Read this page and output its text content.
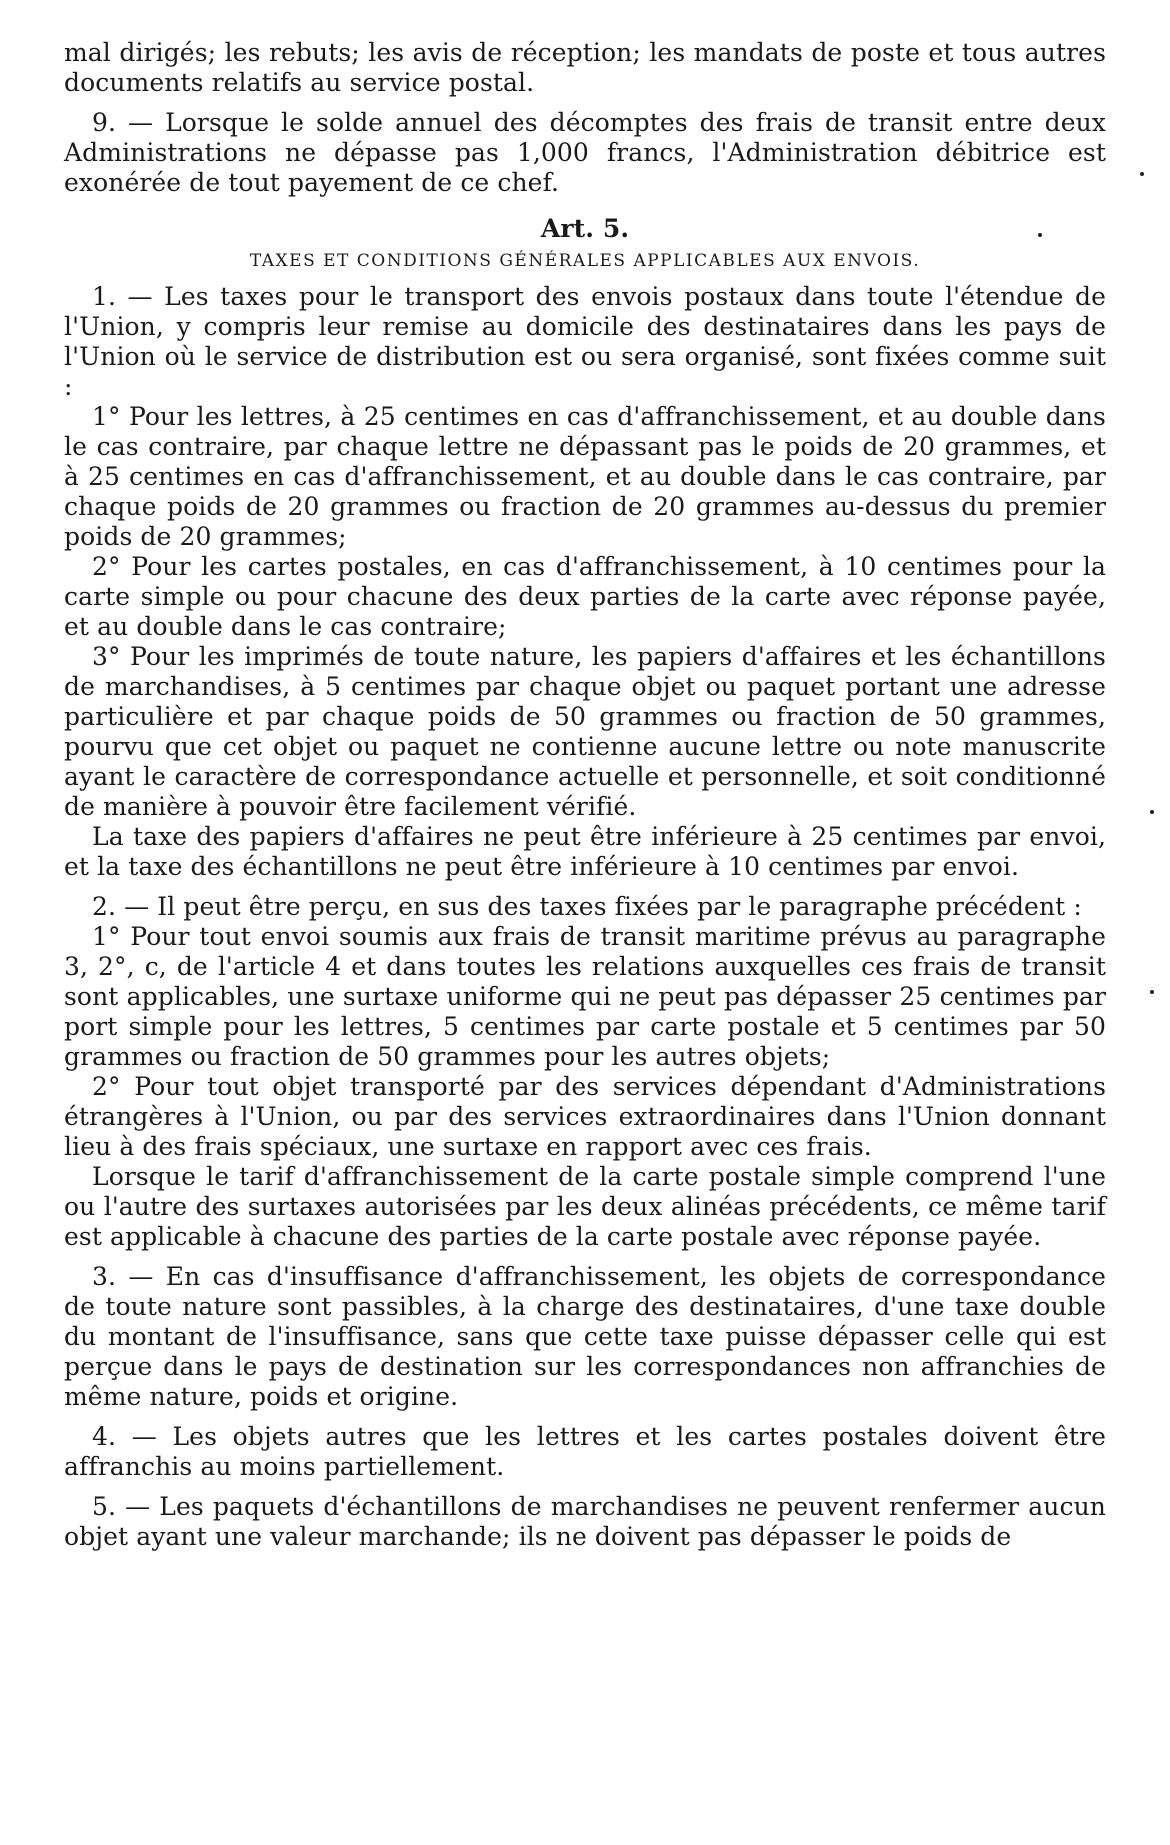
mal dirigés; les rebuts; les avis de réception; les mandats de poste et tous autres documents relatifs au service postal.

9. — Lorsque le solde annuel des décomptes des frais de transit entre deux Administrations ne dépasse pas 1,000 francs, l'Administration débitrice est exonérée de tout payement de ce chef.

Art. 5.
TAXES ET CONDITIONS GÉNÉRALES APPLICABLES AUX ENVOIS.

1. — Les taxes pour le transport des envois postaux dans toute l'étendue de l'Union, y compris leur remise au domicile des destinataires dans les pays de l'Union où le service de distribution est ou sera organisé, sont fixées comme suit :

1° Pour les lettres, à 25 centimes en cas d'affranchissement, et au double dans le cas contraire, par chaque lettre ne dépassant pas le poids de 20 grammes, et à 25 centimes en cas d'affranchissement, et au double dans le cas contraire, par chaque poids de 20 grammes ou fraction de 20 grammes au-dessus du premier poids de 20 grammes;

2° Pour les cartes postales, en cas d'affranchissement, à 10 centimes pour la carte simple ou pour chacune des deux parties de la carte avec réponse payée, et au double dans le cas contraire;

3° Pour les imprimés de toute nature, les papiers d'affaires et les échantillons de marchandises, à 5 centimes par chaque objet ou paquet portant une adresse particulière et par chaque poids de 50 grammes ou fraction de 50 grammes, pourvu que cet objet ou paquet ne contienne aucune lettre ou note manuscrite ayant le caractère de correspondance actuelle et personnelle, et soit conditionné de manière à pouvoir être facilement vérifié.

La taxe des papiers d'affaires ne peut être inférieure à 25 centimes par envoi, et la taxe des échantillons ne peut être inférieure à 10 centimes par envoi.

2. — Il peut être perçu, en sus des taxes fixées par le paragraphe précédent :

1° Pour tout envoi soumis aux frais de transit maritime prévus au paragraphe 3, 2°, c, de l'article 4 et dans toutes les relations auxquelles ces frais de transit sont applicables, une surtaxe uniforme qui ne peut pas dépasser 25 centimes par port simple pour les lettres, 5 centimes par carte postale et 5 centimes par 50 grammes ou fraction de 50 grammes pour les autres objets;

2° Pour tout objet transporté par des services dépendant d'Administrations étrangères à l'Union, ou par des services extraordinaires dans l'Union donnant lieu à des frais spéciaux, une surtaxe en rapport avec ces frais.

Lorsque le tarif d'affranchissement de la carte postale simple comprend l'une ou l'autre des surtaxes autorisées par les deux alinéas précédents, ce même tarif est applicable à chacune des parties de la carte postale avec réponse payée.

3. — En cas d'insuffisance d'affranchissement, les objets de correspondance de toute nature sont passibles, à la charge des destinataires, d'une taxe double du montant de l'insuffisance, sans que cette taxe puisse dépasser celle qui est perçue dans le pays de destination sur les correspondances non affranchies de même nature, poids et origine.

4. — Les objets autres que les lettres et les cartes postales doivent être affranchis au moins partiellement.

5. — Les paquets d'échantillons de marchandises ne peuvent renfermer aucun objet ayant une valeur marchande; ils ne doivent pas dépasser le poids de
